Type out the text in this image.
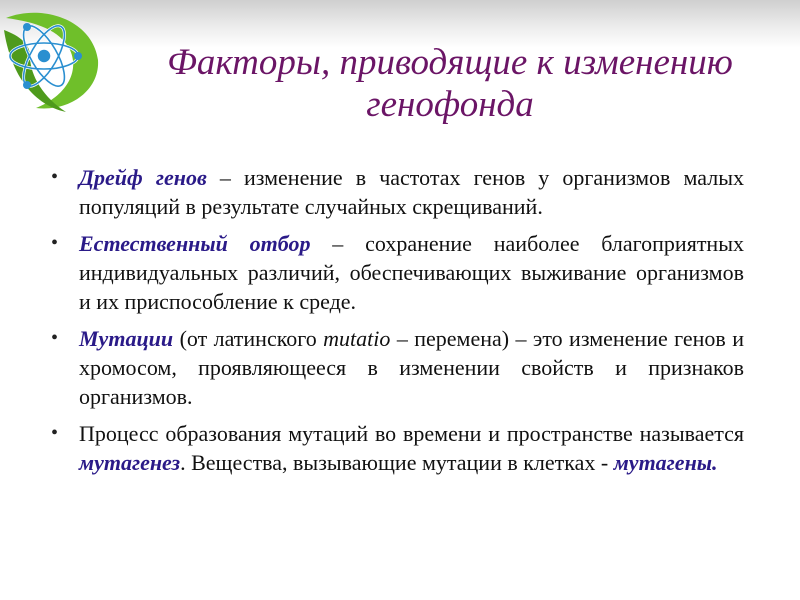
Факторы, приводящие к изменению
генофонда
• Дрейф генов – изменение в частотах генов у организмов малых популяций в результате случайных скрещиваний.
• Естественный отбор – сохранение наиболее благоприятных индивидуальных различий, обеспечивающих выживание организмов и их приспособление к среде.
• Мутации (от латинского mutatio – перемена) – это изменение генов и хромосом, проявляющееся в изменении свойств и признаков организмов.
• Процесс образования мутаций во времени и пространстве называется мутагенез. Вещества, вызывающие мутации в клетках - мутагены.
